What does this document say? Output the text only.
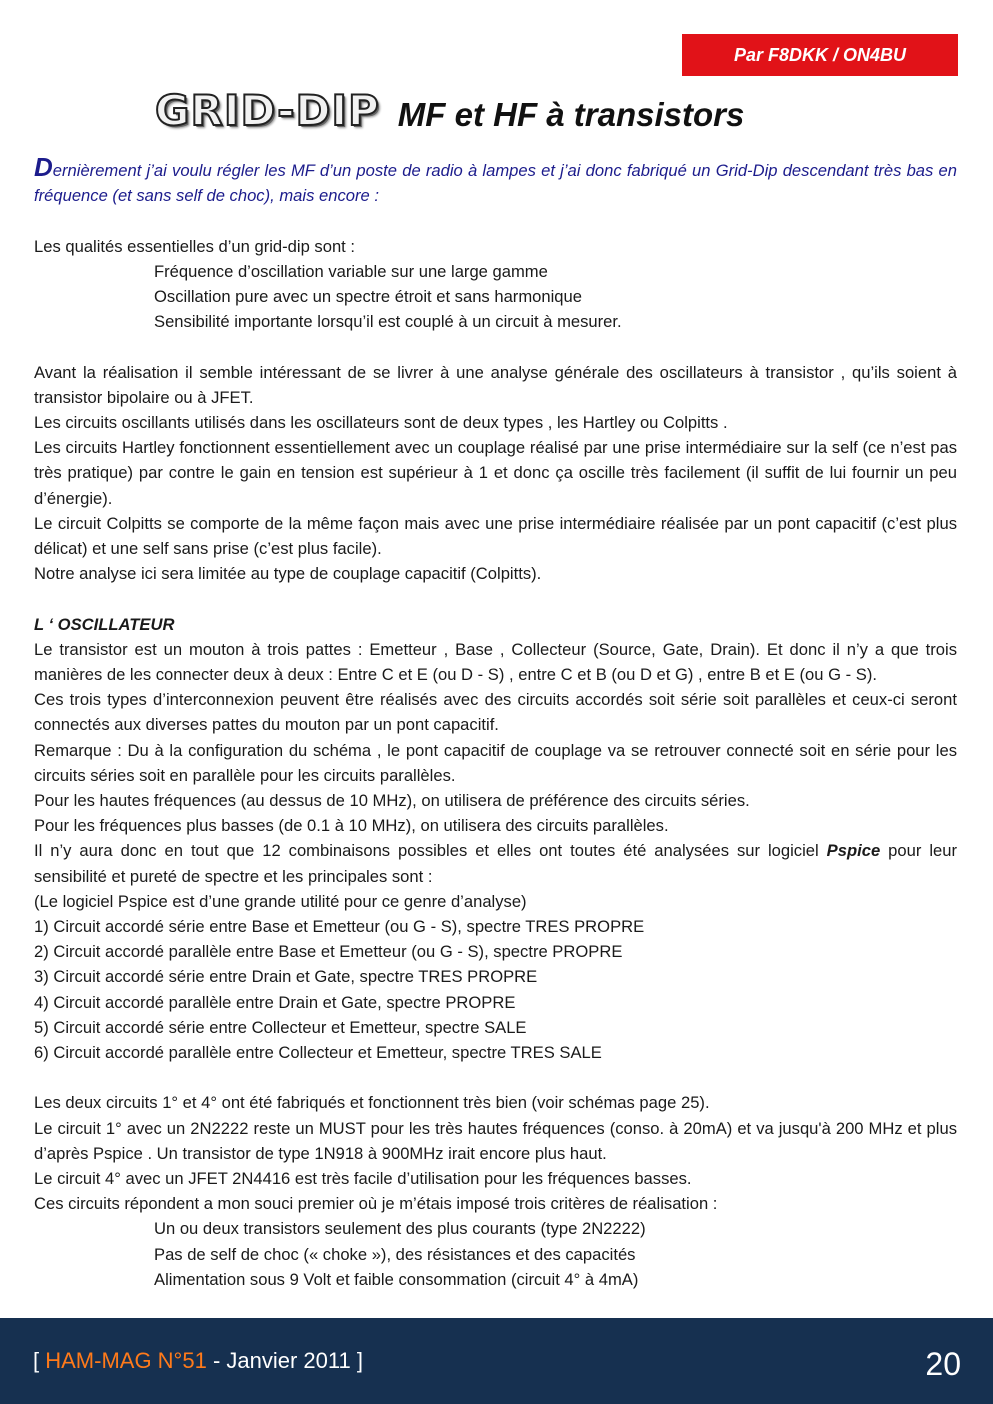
Par F8DKK / ON4BU
GRID-DIP MF et HF à transistors

Dernièrement j’ai voulu régler les MF d’un poste de radio à lampes et j’ai donc fabriqué un Grid-Dip descendant très bas en fréquence (et sans self de choc), mais encore :

Les qualités essentielles d’un grid-dip sont :

Fréquence d’oscillation variable sur une large gamme

Oscillation pure avec un spectre étroit et sans harmonique

Sensibilité importante lorsqu’il est couplé à un circuit à mesurer.

Avant la réalisation il semble intéressant de se livrer à une analyse générale des oscillateurs à transistor , qu’ils soient à transistor bipolaire ou à JFET.

Les circuits oscillants utilisés dans les oscillateurs sont de deux types , les Hartley ou Colpitts .

Les circuits Hartley fonctionnent essentiellement avec un couplage réalisé par une prise intermédiaire sur la self (ce n’est pas très pratique) par contre le gain en tension est supérieur à 1 et donc ça oscille très facilement (il suffit de lui fournir un peu d’énergie).

Le circuit Colpitts se comporte de la même façon mais avec une prise intermédiaire réalisée par un pont capacitif (c’est plus délicat) et une self sans prise (c’est plus facile).

Notre analyse ici sera limitée au type de couplage capacitif (Colpitts).

L ‘ OSCILLATEUR

Le transistor est un mouton à trois pattes : Emetteur , Base , Collecteur (Source, Gate, Drain). Et donc il n’y a que trois manières de les connecter deux à deux : Entre C et E (ou D - S) , entre C et B (ou D et G) , entre B et E (ou G - S).

Ces trois types d’interconnexion peuvent être réalisés avec des circuits accordés soit série soit parallèles et ceux-ci seront connectés aux diverses pattes du mouton par un pont capacitif.

Remarque : Du à la configuration du schéma , le pont capacitif de couplage va se retrouver connecté soit en série pour les circuits séries soit en parallèle pour les circuits parallèles.

Pour les hautes fréquences (au dessus de 10 MHz), on utilisera de préférence des circuits séries.

Pour les fréquences plus basses (de 0.1 à 10 MHz), on utilisera des circuits parallèles.

Il n’y aura donc en tout que 12 combinaisons possibles et elles ont toutes été analysées sur logiciel Pspice pour leur sensibilité et pureté de spectre et les principales sont :

(Le logiciel Pspice est d’une grande utilité pour ce genre d’analyse)

1) Circuit accordé série entre Base et Emetteur (ou G - S), spectre TRES PROPRE

2) Circuit accordé parallèle entre Base et Emetteur (ou G - S), spectre PROPRE

3) Circuit accordé série entre Drain et Gate, spectre TRES PROPRE

4) Circuit accordé parallèle entre Drain et Gate, spectre PROPRE

5) Circuit accordé série entre Collecteur et Emetteur, spectre SALE

6) Circuit accordé parallèle entre Collecteur et Emetteur, spectre TRES SALE

Les deux circuits 1° et 4° ont été fabriqués et fonctionnent très bien (voir schémas page 25).

Le circuit 1° avec un 2N2222 reste un MUST pour les très hautes fréquences (conso. à 20mA) et va jusqu'à 200 MHz et plus d’après Pspice . Un transistor de type 1N918 à 900MHz irait encore plus haut.

Le circuit 4° avec un JFET 2N4416 est très facile d’utilisation pour les fréquences basses.

Ces circuits répondent a mon souci premier où je m’étais imposé trois critères de réalisation :

Un ou deux transistors seulement des plus courants (type 2N2222)

Pas de self de choc (« choke »), des résistances et des capacités

Alimentation sous 9 Volt et faible consommation (circuit 4° à 4mA)

[ HAM-MAG N°51 - Janvier 2011 ]	20
